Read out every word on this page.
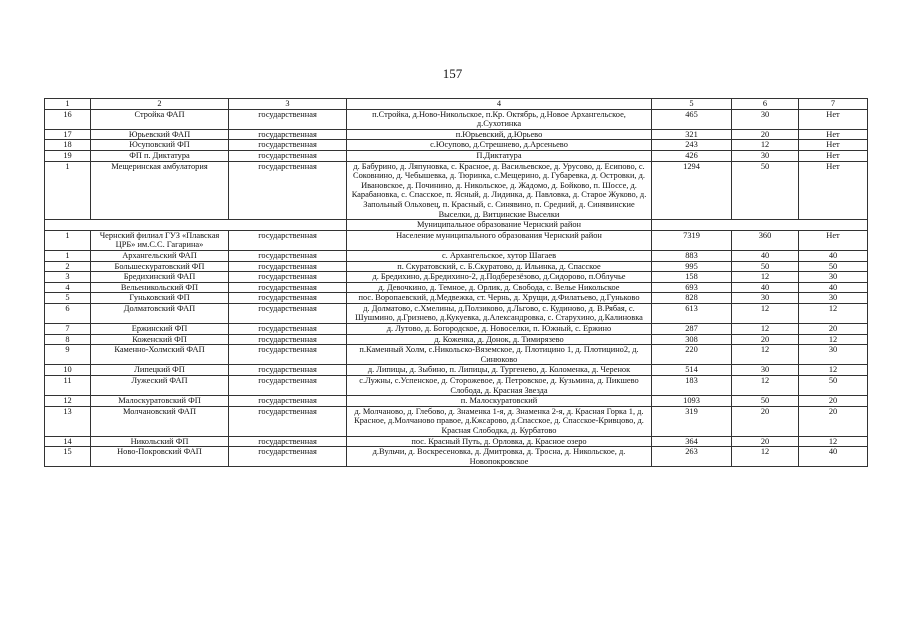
157
1	2	3	4	5	6	7
16	Стройка ФАП	государственная	п.Стройка, д.Ново-Никольское, п.Кр. Октябрь, д.Новое Архангельское, д.Сухотинка	465	30	Нет
17	Юрьевский ФАП	государственная	п.Юрьевский, д.Юрьево	321	20	Нет
18	Юсуповский ФП	государственная	с.Юсупово, д.Стрешнево, д.Арсеньево	243	12	Нет
19	ФП п. Диктатура	государственная	П.Диктатура	426	30	Нет
1	Мещеринская амбулатория	государственная	д. Бабурино, д. Ляпуновка, с. Красное, д. Васильевское, д. Урусово, д. Есипово, с. Соковнино, д. Чебышевка, д. Тюринка, с.Мещерино, д. Губаревка, д. Островки, д. Ивановское, д. Починино, д. Никольское, д. Жадомо, д. Бойково, п. Шоссе, д. Карабановка, с. Спасское, п. Ясный, д. Лидинка, д. Павловка, д. Старое Жуково, д. Запольный Ольховец, п. Красный, с. Синявино, п. Средний, д. Синявинские Выселки, д. Витцинские Выселки	1294	50	Нет
			Муниципальное образование Чернский район			
1	Чернский филиал ГУЗ «Плавская ЦРБ» им.С.С. Гагарина»	государственная	Население муниципального образования Чернский район	7319	360	Нет
1	Архангельский ФАП	государственная	с. Архангельское, хутор Шагаев	883	40	40
2	Большескуратовский ФП	государственная	п. Скуратовский, с. Б.Скуратово, д. Ильинка, д. Спасское	995	50	50
3	Бредихинский ФАП	государственная	д. Бредихино, д.Бредихино-2, д.Подберезёзово, д.Сидорово, п.Облучье	158	12	30
4	Вельеникольский ФП	государственная	д. Девочкино, д. Темное, д. Орлик, д. Свобода, с. Велье Никольское	693	40	40
5	Гуньковский ФП	государственная	пос. Воропаевский, д.Медвежка, ст. Чернь, д. Хрущи, д.Филатьево, д.Гуньково	828	30	30
6	Долматовский ФАП	государственная	д. Долматово, с.Хмелины, д.Ползиково, д.Льгово, с. Кудиново, д. В.Рябая, с. Шушмино, д.Гризнево, д.Кукуевка, д.Александровка, с. Старухино, д.Калиновка	613	12	12
7	Ержинский ФП	государственная	д. Лутово, д. Богородское, д. Новоселки, п. Южный, с. Ержино	287	12	20
8	Коженский ФП	государственная	д. Коженка, д. Донок, д. Тимирязево	308	20	12
9	Каменно-Холмский ФАП	государственная	п.Каменный Холм, с.Никольско-Вяземское, д. Плотицино 1, д. Плотицино2, д. Синюково	220	12	30
10	Липецкий ФП	государственная	д. Липицы, д. Зыбино, п. Липицы, д. Тургенево, д. Коломенка, д. Черенок	514	30	12
11	Лужеский ФАП	государственная	с.Лужны, с.Успенское, д. Сторожевое, д. Петровское, д. Кузьмина, д. Пикшево Слобода, д. Красная Звезда	183	12	50
12	Малоскуратовский ФП	государственная	п. Малоскуратовский	1093	50	20
13	Молчановский ФАП	государственная	д. Молчаново, д. Глебово, д. Знаменка 1-я, д. Знаменка 2-я, д. Красная Горка 1, д. Красное, д.Молчаново правое, д.Кжсарово, д.Спасское, д. Спасское-Кривцово, д. Красная Слободка, д. Курбатово	319	20	20
14	Никольский ФП	государственная	пос. Красный Путь, д. Орловка, д. Красное озеро	364	20	12
15	Ново-Покровский ФАП	государственная	д.Вульчи, д. Воскресеновка, д. Дмитровка, д. Тросна, д. Никольское, д. Новопокровское	263	12	40
